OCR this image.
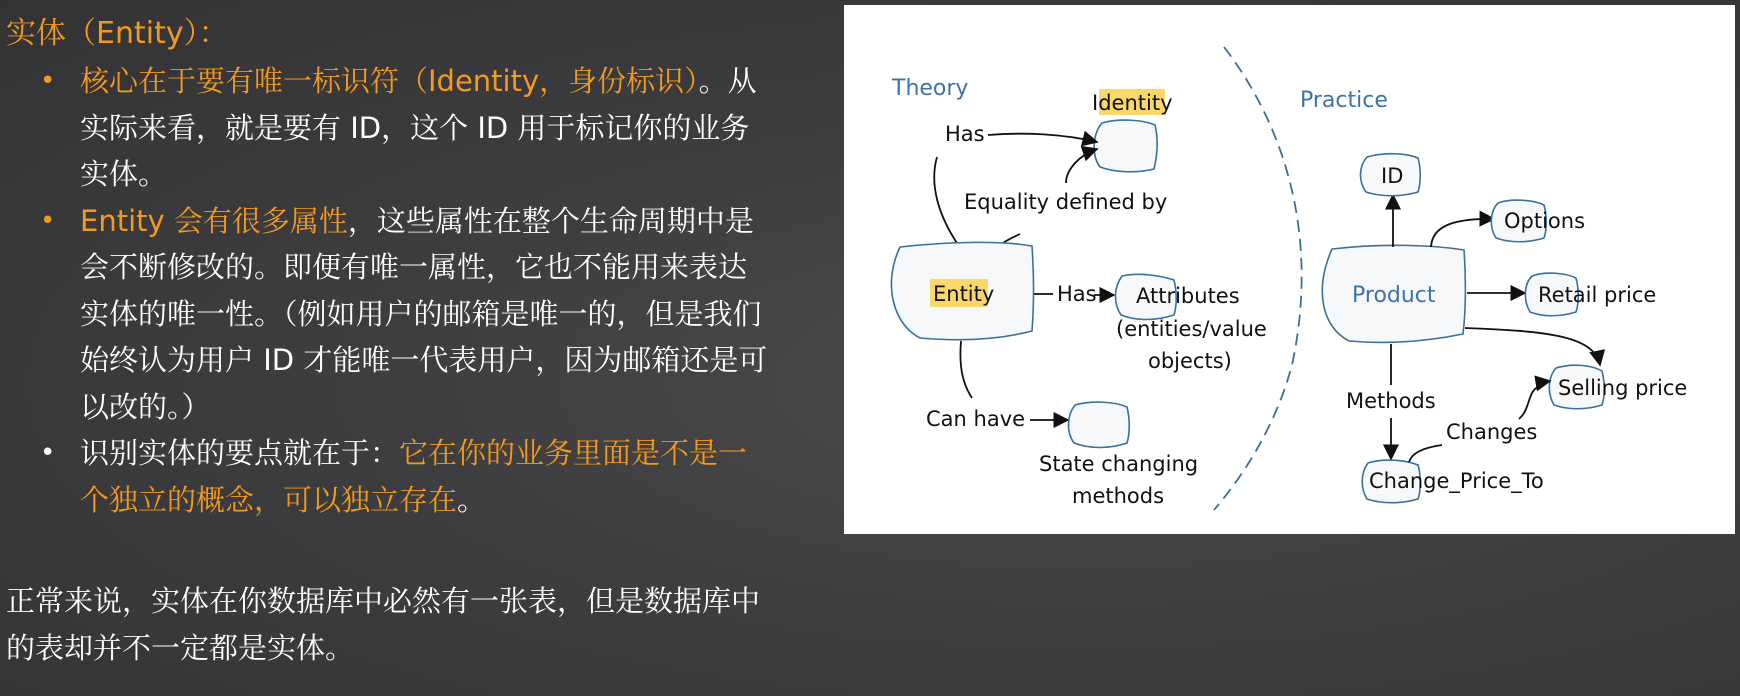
实体（Entity）：
• 核心在于要有唯一标识符（Identity，身份标识）。从实际来看，就是要有 ID，这个 ID 用于标记你的业务实体。
• Entity 会有很多属性，这些属性在整个生命周期中是会不断修改的。即便有唯一属性，它也不能用来表达实体的唯一性。（例如用户的邮箱是唯一的，但是我们始终认为用户 ID 才能唯一代表用户，因为邮箱还是可以改的。）
• 识别实体的要点就在于：它在你的业务里面是不是一个独立的概念，可以独立存在。
正常来说，实体在你数据库中必然有一张表，但是数据库中的表却并不一定都是实体。
Theory	Practice
Identity
Has
Equality defined by
Entity	Has Attributes
(entities/value
objects)
Can have
State changing
methods
Product
ID
Options
Retail price
Selling price
Methods
Change_Price_To
Changes
